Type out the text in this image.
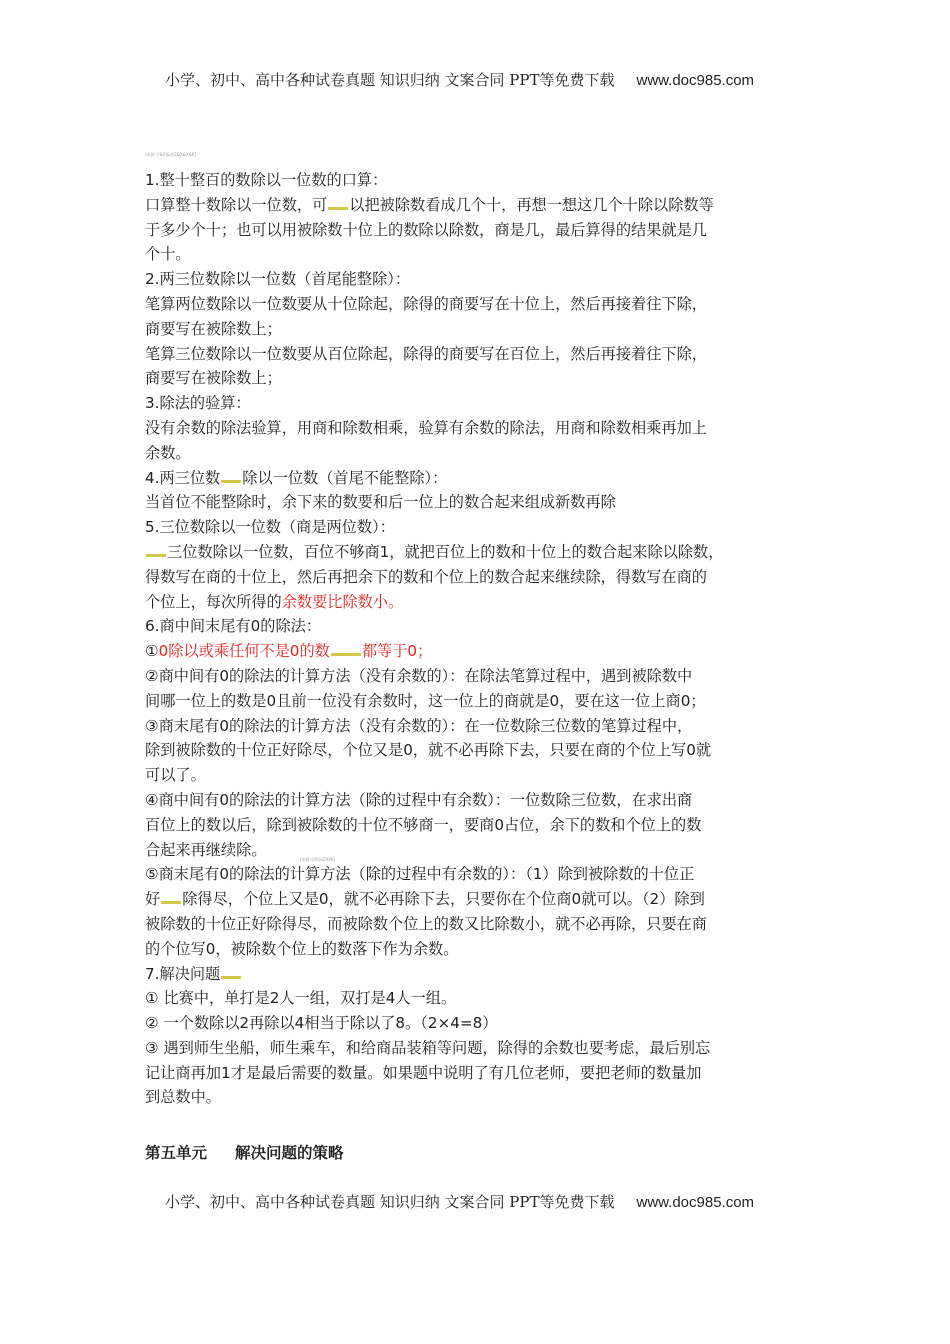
小学、初中、高中各种试卷真题 知识归纳 文案合同 PPT等免费下载 www.doc985.com
[来源:学&科&网Z&X&X&K]
[来源:学科网ZXXK]
1.整十整百的数除以一位数的口算：
口算整十数除以一位数，可 以把被除数看成几个十，再想一想这几个十除以除数等
于多少个十；也可以用被除数十位上的数除以除数，商是几，最后算得的结果就是几
个十。
2.两三位数除以一位数（首尾能整除）：
笔算两位数除以一位数要从十位除起，除得的商要写在十位上，然后再接着往下除，
商要写在被除数上；
笔算三位数除以一位数要从百位除起，除得的商要写在百位上，然后再接着往下除，
商要写在被除数上；
3.除法的验算：
没有余数的除法验算，用商和除数相乘，验算有余数的除法，用商和除数相乘再加上
余数。
4.两三位数 除以一位数（首尾不能整除）：
当首位不能整除时，余下来的数要和后一位上的数合起来组成新数再除
5.三位数除以一位数（商是两位数）：
三位数除以一位数，百位不够商1，就把百位上的数和十位上的数合起来除以除数，
得数写在商的十位上，然后再把余下的数和个位上的数合起来继续除，得数写在商的
个位上，每次所得的余数要比除数小。
6.商中间末尾有0的除法：
①0除以或乘任何不是0的数 都等于0；
②商中间有0的除法的计算方法（没有余数的）：在除法笔算过程中，遇到被除数中
间哪一位上的数是0且前一位没有余数时，这一位上的商就是0，要在这一位上商0；
③商末尾有0的除法的计算方法（没有余数的）：在一位数除三位数的笔算过程中，
除到被除数的十位正好除尽，个位又是0，就不必再除下去，只要在商的个位上写0就
可以了。
④商中间有0的除法的计算方法（除的过程中有余数）：一位数除三位数，在求出商
百位上的数以后，除到被除数的十位不够商一，要商0占位，余下的数和个位上的数
合起来再继续除。
⑤商末尾有0的除法的计算方法（除的过程中有余数的）：（1）除到被除数的十位正
好 除得尽，个位上又是0，就不必再除下去，只要你在个位商0就可以。（2）除到
被除数的十位正好除得尽，而被除数个位上的数又比除数小，就不必再除，只要在商
的个位写0，被除数个位上的数落下作为余数。
7.解决问题
① 比赛中，单打是2人一组，双打是4人一组。
② 一个数除以2再除以4相当于除以了8。（2×4=8）
③ 遇到师生坐船，师生乘车，和给商品装箱等问题，除得的余数也要考虑，最后别忘
记让商再加1才是最后需要的数量。如果题中说明了有几位老师，要把老师的数量加
到总数中。
第五单元 解决问题的策略
小学、初中、高中各种试卷真题 知识归纳 文案合同 PPT等免费下载 www.doc985.com
